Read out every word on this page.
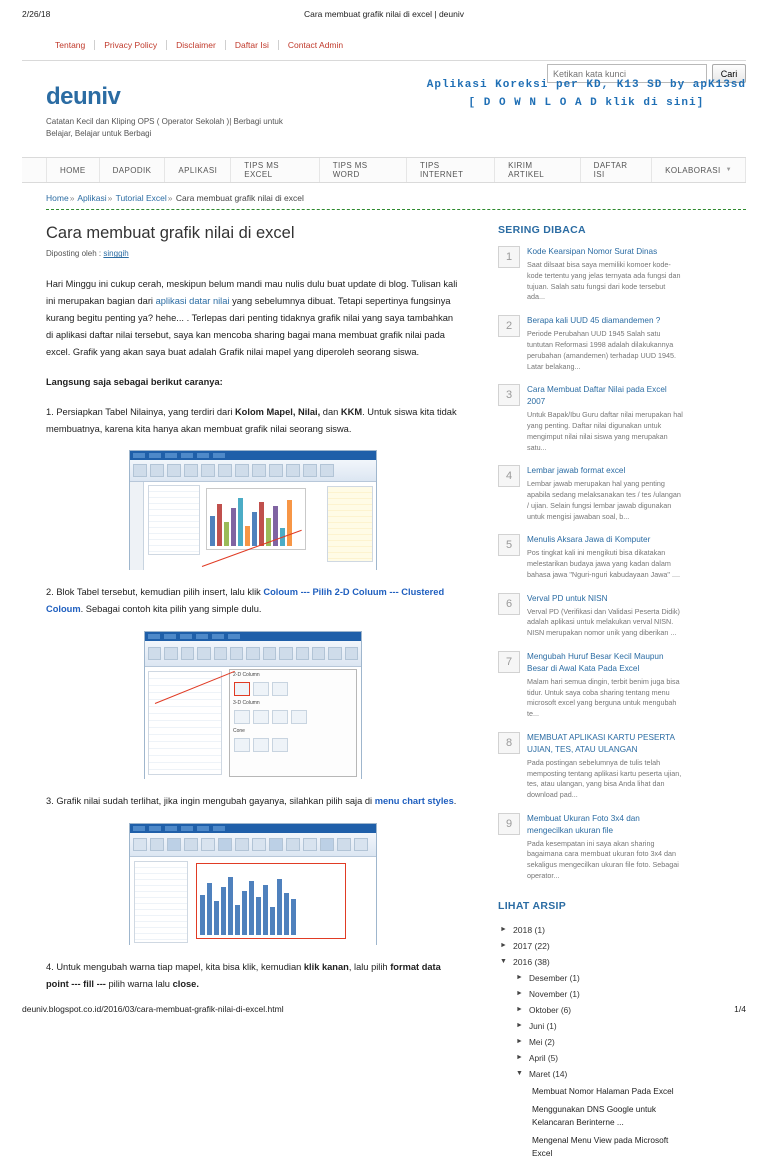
2/26/18	Cara membuat grafik nilai di excel | deuniv
Tentang Privacy Policy Disclaimer Daftar Isi Contact Admin
Ketikan kata kunci
Cari
deuniv
Catatan Kecil dan Kliping OPS ( Operator Sekolah )| Berbagi untuk Belajar, Belajar untuk Berbagi
Aplikasi Koreksi per KD, K13 SD by apK13sd
[ D O W N L O A D klik di sini]
HOME	DAPODIK	APLIKASI	TIPS MS EXCEL
TIPS MS WORD
TIPS INTERNET
KIRIM ARTIKEL
DAFTAR ISI	KOLABORASI ▼
Home» Aplikasi» Tutorial Excel» Cara membuat grafik nilai di excel
Cara membuat grafik nilai di excel
Diposting oleh : singgih

Hari Minggu ini cukup cerah, meskipun belum mandi mau nulis dulu buat update di blog. Tulisan kali ini merupakan bagian dari aplikasi datar nilai yang sebelumnya dibuat. Tetapi sepertinya fungsinya kurang begitu penting ya? hehe... . Terlepas dari penting tidaknya grafik nilai yang saya tambahkan di aplikasi daftar nilai tersebut, saya kan mencoba sharing bagai mana membuat grafik nilai pada excel. Grafik yang akan saya buat adalah Grafik nilai mapel yang diperoleh seorang siswa.

Langsung saja sebagai berikut caranya:

1. Persiapkan Tabel Nilainya, yang terdiri dari Kolom Mapel, Nilai, dan KKM. Untuk siswa kita tidak membuatnya, karena kita hanya akan membuat grafik nilai seorang siswa.

2. Blok Tabel tersebut, kemudian pilih insert, lalu klik Coloum --- Pilih 2-D Coluum --- Clustered Coloum. Sebagai contoh kita pilih yang simple dulu.

2-D Column
3-D Column
Cone

3. Grafik nilai sudah terlihat, jika ingin mengubah gayanya, silahkan pilih saja di menu chart styles.

4. Untuk mengubah warna tiap mapel, kita bisa klik, kemudian klik kanan, lalu pilih format data point --- fill --- pilih warna lalu close.

SERING DIBACA
1	Kode Kearsipan Nomor Surat Dinas
Saat dilsaat bisa saya memiliki komoer kode-kode tertentu yang jelas ternyata ada fungsi dan tujuan. Salah satu fungsi dari kode tersebut ada...
2	Berapa kali UUD 45 diamandemen ?
Periode Perubahan UUD 1945 Salah satu tuntutan Reformasi 1998 adalah dilakukannya perubahan (amandemen) terhadap UUD 1945. Latar belakang...
3	Cara Membuat Daftar Nilai pada Excel 2007
Untuk Bapak/Ibu Guru daftar nilai merupakan hal yang penting. Daftar nilai digunakan untuk mengimput nilai nilai siswa yang merupakan satu...
4	Lembar jawab format excel
Lembar jawab merupakan hal yang penting apabila sedang melaksanakan tes / tes /ulangan / ujian. Selain fungsi lembar jawab digunakan untuk mengisi jawaban soal, b...
5	Menulis Aksara Jawa di Komputer
Pos tingkat kali ini mengikuti bisa dikatakan melestarikan budaya jawa yang kadan dalam bahasa jawa "Nguri-nguri kabudayaan Jawa" ....
6	Verval PD untuk NISN
Verval PD (Verifikasi dan Validasi Peserta Didik) adalah aplikasi untuk melakukan verval NISN. NISN merupakan nomor unik yang diberikan ...
7	Mengubah Huruf Besar Kecil Maupun Besar di Awal Kata Pada Excel
Malam hari semua dingin, terbit benim juga bisa tidur. Untuk saya coba sharing tentang menu microsoft excel yang berguna untuk mengubah te...
8	MEMBUAT APLIKASI KARTU PESERTA UJIAN, TES, ATAU ULANGAN
Pada postingan sebelumnya de tulis telah memposting tentang aplikasi kartu peserta ujian, tes, atau ulangan, yang bisa Anda lihat dan download pad...
9	Membuat Ukuran Foto 3x4 dan mengecilkan ukuran file
Pada kesempatan ini saya akan sharing bagaimana cara membuat ukuran foto 3x4 dan sekaligus mengecilkan ukuran file foto. Sebagai operator...
LIHAT ARSIP
► 2018 (1)
► 2017 (22)
▼ 2016 (38)
► Desember (1)
► November (1)
► Oktober (6)
► Juni (1)
► Mei (2)
► April (5)
▼ Maret (14)
Membuat Nomor Halaman Pada Excel
Menggunakan DNS Google untuk Kelancaran Berinterne ...
Mengenal Menu View pada Microsoft Excel
deuniv.blogspot.co.id/2016/03/cara-membuat-grafik-nilai-di-excel.html	1/4
